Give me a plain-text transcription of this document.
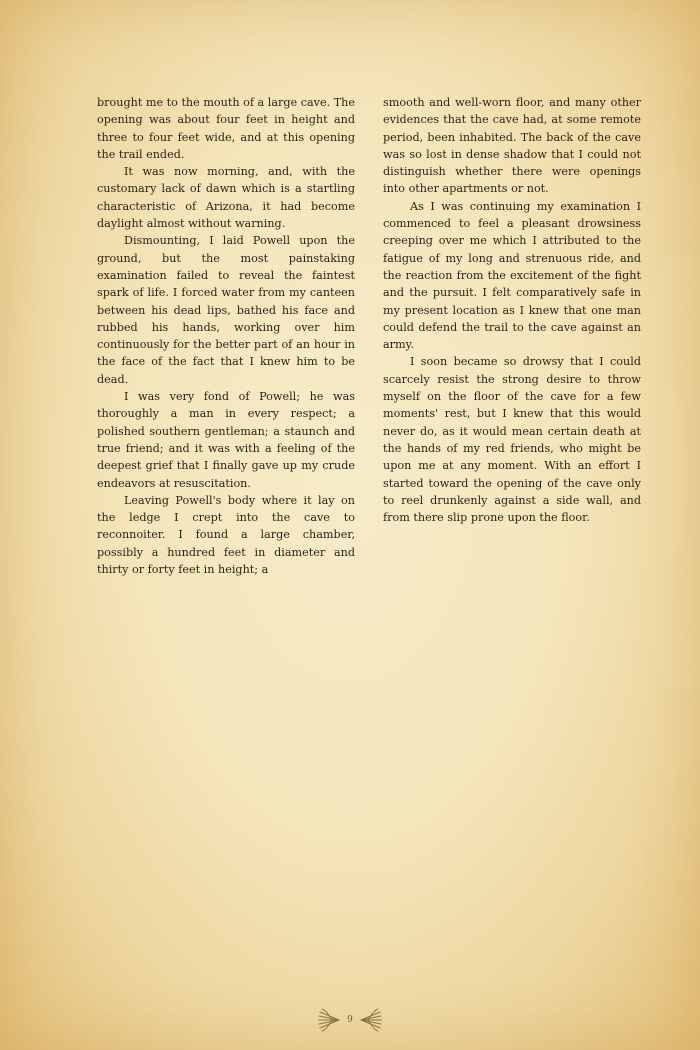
brought me to the mouth of a large cave. The opening was about four feet in height and three to four feet wide, and at this opening the trail ended.

It was now morning, and, with the customary lack of dawn which is a startling characteristic of Arizona, it had become daylight almost without warning.

Dismounting, I laid Powell upon the ground, but the most painstaking examination failed to reveal the faintest spark of life. I forced water from my canteen between his dead lips, bathed his face and rubbed his hands, working over him continuously for the better part of an hour in the face of the fact that I knew him to be dead.

I was very fond of Powell; he was thoroughly a man in every respect; a polished southern gentleman; a staunch and true friend; and it was with a feeling of the deepest grief that I finally gave up my crude endeavors at resuscitation.

Leaving Powell's body where it lay on the ledge I crept into the cave to reconnoiter. I found a large chamber, possibly a hundred feet in diameter and thirty or forty feet in height; a

smooth and well-worn floor, and many other evidences that the cave had, at some remote period, been inhabited. The back of the cave was so lost in dense shadow that I could not distinguish whether there were openings into other apartments or not.

As I was continuing my examination I commenced to feel a pleasant drowsiness creeping over me which I attributed to the fatigue of my long and strenuous ride, and the reaction from the excitement of the fight and the pursuit. I felt comparatively safe in my present location as I knew that one man could defend the trail to the cave against an army.

I soon became so drowsy that I could scarcely resist the strong desire to throw myself on the floor of the cave for a few moments' rest, but I knew that this would never do, as it would mean certain death at the hands of my red friends, who might be upon me at any moment. With an effort I started toward the opening of the cave only to reel drunkenly against a side wall, and from there slip prone upon the floor.

9
